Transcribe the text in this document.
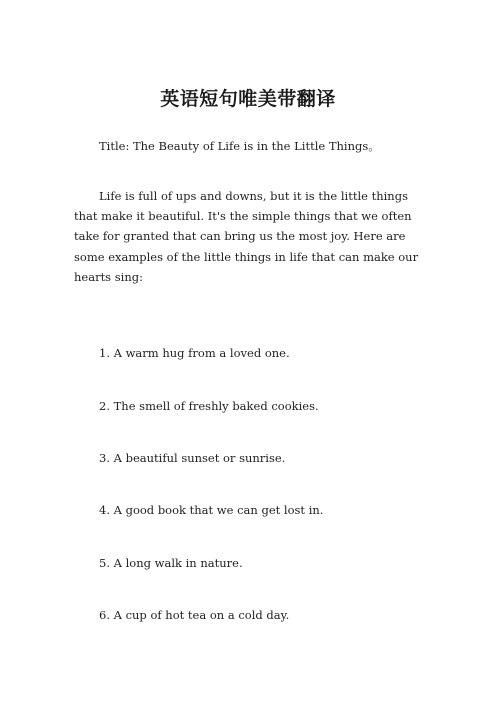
英语短句唯美带翻译
Title: The Beauty of Life is in the Little Things。
Life is full of ups and downs, but it is the little things that make it beautiful. It's the simple things that we often take for granted that can bring us the most joy. Here are some examples of the little things in life that can make our hearts sing:
1. A warm hug from a loved one.
2. The smell of freshly baked cookies.
3. A beautiful sunset or sunrise.
4. A good book that we can get lost in.
5. A long walk in nature.
6. A cup of hot tea on a cold day.
